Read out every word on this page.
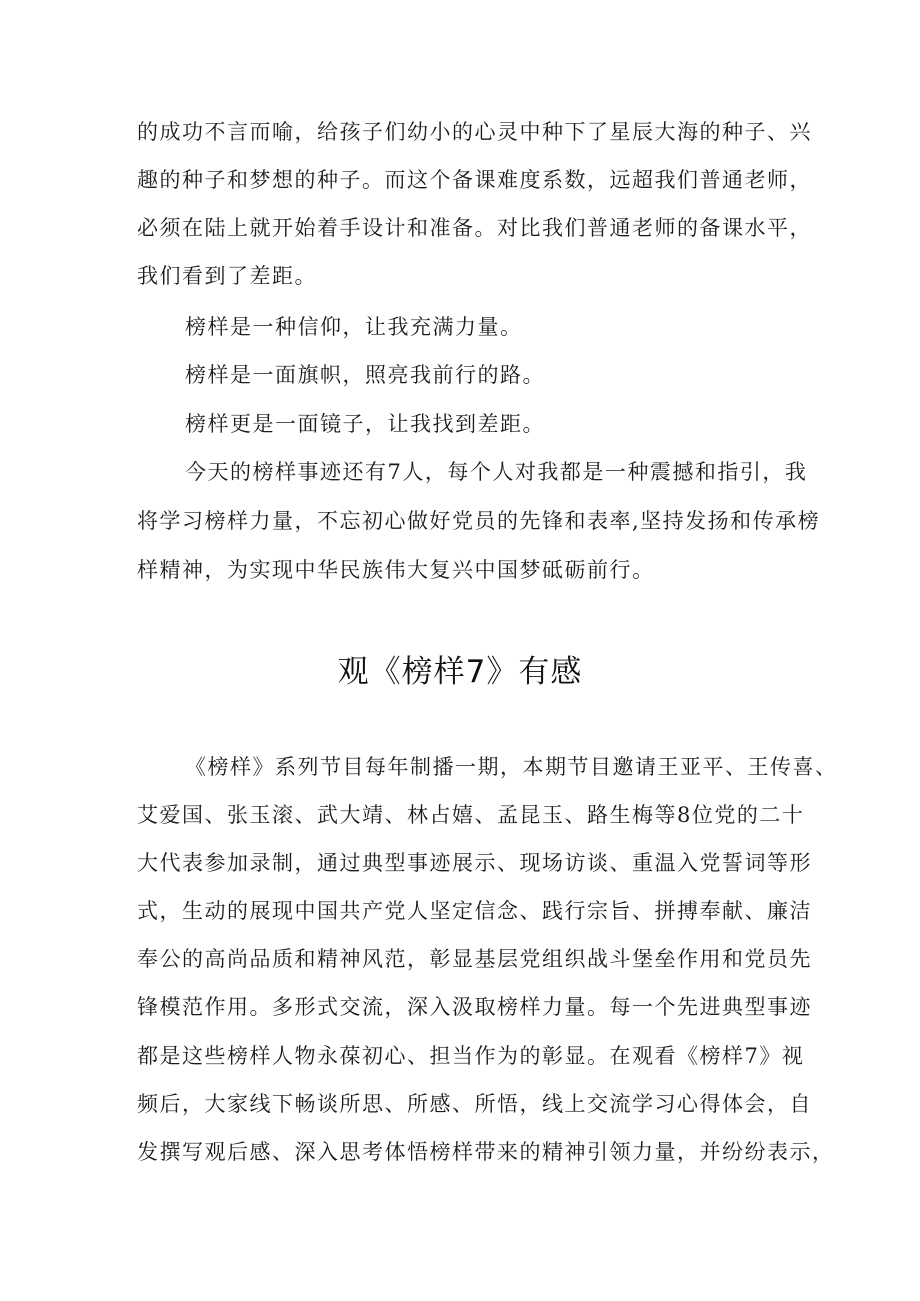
的成功不言而喻，给孩子们幼小的心灵中种下了星辰大海的种子、兴
趣的种子和梦想的种子。而这个备课难度系数，远超我们普通老师，
必须在陆上就开始着手设计和准备。对比我们普通老师的备课水平，
我们看到了差距。
榜样是一种信仰，让我充满力量。
榜样是一面旗帜，照亮我前行的路。
榜样更是一面镜子，让我找到差距。
今天的榜样事迹还有7人，每个人对我都是一种震撼和指引，我
将学习榜样力量，不忘初心做好党员的先锋和表率,坚持发扬和传承榜
样精神，为实现中华民族伟大复兴中国梦砥砺前行。
观《榜样7》有感
《榜样》系列节目每年制播一期，本期节目邀请王亚平、王传喜、
艾爱国、张玉滚、武大靖、林占嬉、孟昆玉、路生梅等8位党的二十
大代表参加录制，通过典型事迹展示、现场访谈、重温入党誓词等形
式，生动的展现中国共产党人坚定信念、践行宗旨、拼搏奉献、廉洁
奉公的高尚品质和精神风范，彰显基层党组织战斗堡垒作用和党员先
锋模范作用。多形式交流，深入汲取榜样力量。每一个先进典型事迹
都是这些榜样人物永葆初心、担当作为的彰显。在观看《榜样7》视
频后，大家线下畅谈所思、所感、所悟，线上交流学习心得体会，自
发撰写观后感、深入思考体悟榜样带来的精神引领力量，并纷纷表示，
